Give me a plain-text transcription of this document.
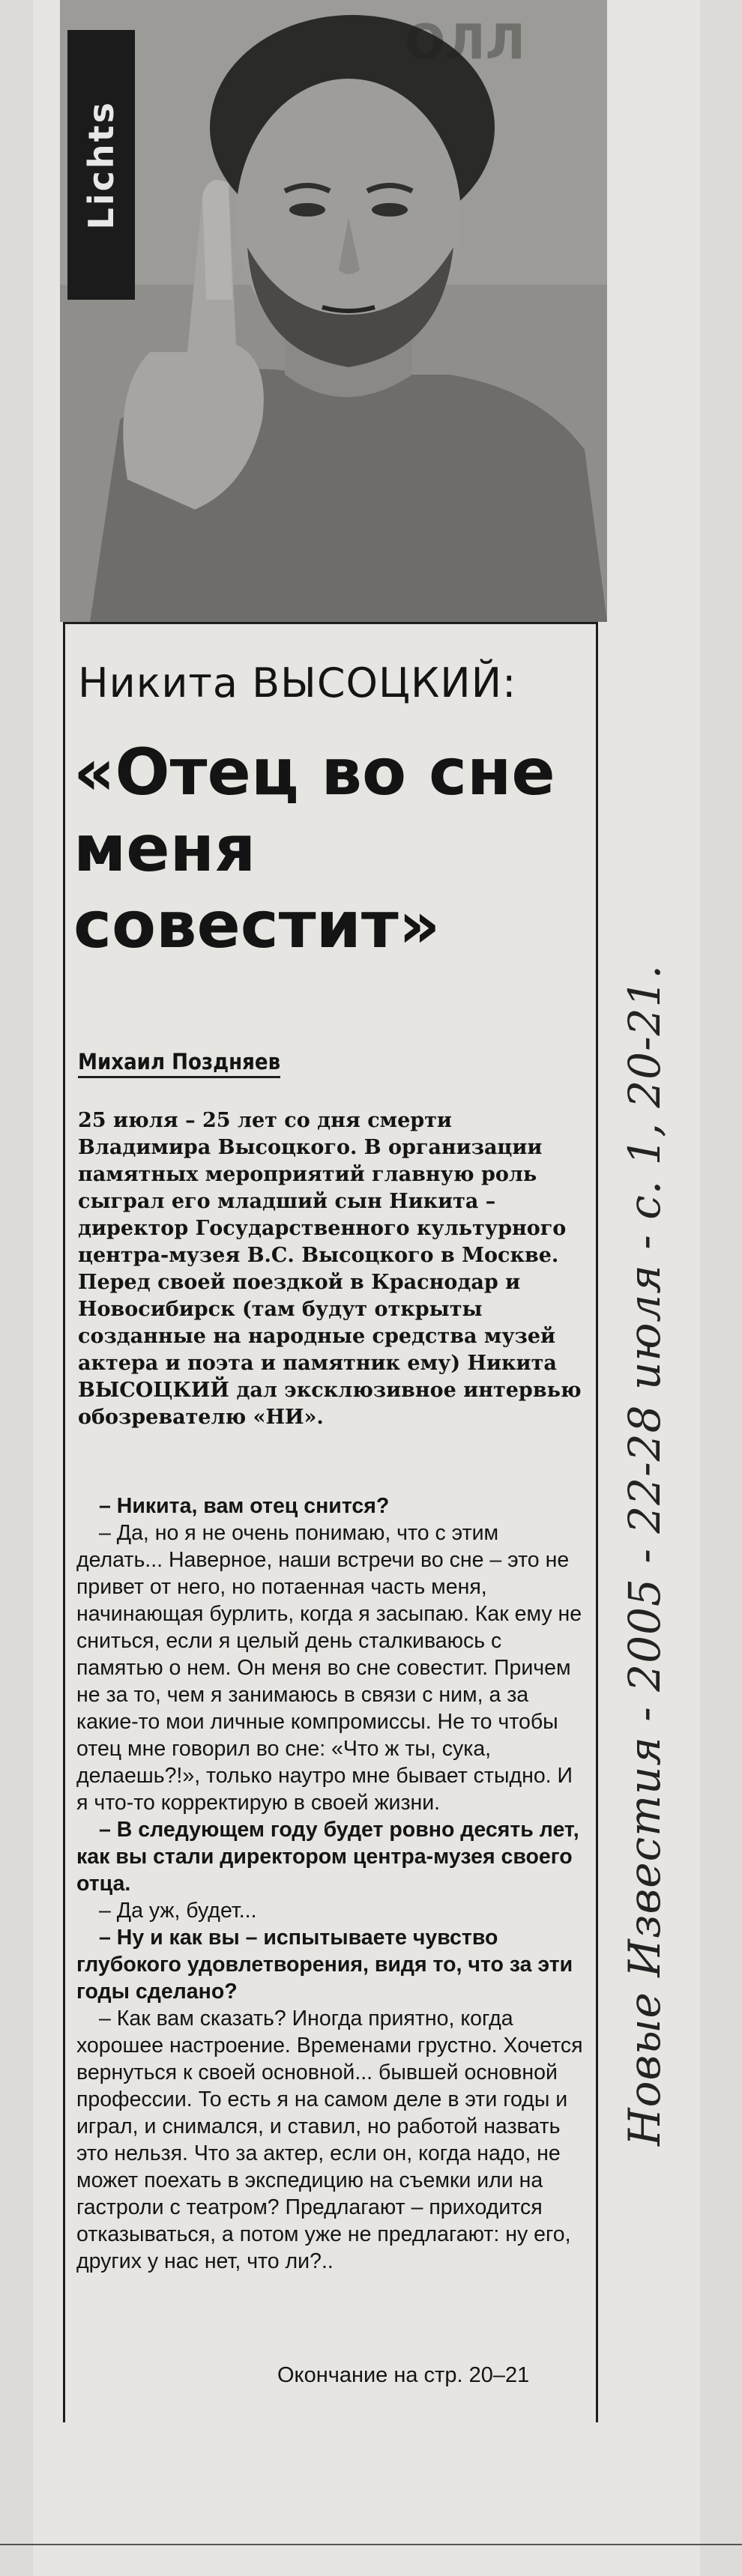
Lichts
ОЛЛ
Никита ВЫСОЦКИЙ:
«Отец во сне
меня
совестит»
Михаил Поздняев
25 июля – 25 лет со дня смерти Владимира Высоцкого. В организации памятных мероприятий главную роль сыграл его младший сын Никита – директор Государственного культурного центра-музея В.С. Высоцкого в Москве. Перед своей поездкой в Краснодар и Новосибирск (там будут открыты созданные на народные средства музей актера и поэта и памятник ему) Никита ВЫСОЦКИЙ дал эксклюзивное интервью обозревателю «НИ».

– Никита, вам отец снится?

– Да, но я не очень понимаю, что с этим делать... Наверное, наши встречи во сне – это не привет от него, но потаенная часть меня, начинающая бурлить, когда я засыпаю. Как ему не сниться, если я целый день сталкиваюсь с памятью о нем. Он меня во сне совестит. Причем не за то, чем я занимаюсь в связи с ним, а за какие-то мои личные компромиссы. Не то чтобы отец мне говорил во сне: «Что ж ты, сука, делаешь?!», только наутро мне бывает стыдно. И я что-то корректирую в своей жизни.

– В следующем году будет ровно десять лет, как вы стали директором центра-музея своего отца.

– Да уж, будет...

– Ну и как вы – испытываете чувство глубокого удовлетворения, видя то, что за эти годы сделано?

– Как вам сказать? Иногда приятно, когда хорошее настроение. Временами грустно. Хочется вернуться к своей основной... бывшей основной профессии. То есть я на самом деле в эти годы и играл, и снимался, и ставил, но работой назвать это нельзя. Что за актер, если он, когда надо, не может поехать в экспедицию на съемки или на гастроли с театром? Предлагают – приходится отказываться, а потом уже не предлагают: ну его, других у нас нет, что ли?..

Окончание на стр. 20–21
Новые Известия - 2005 - 22-28 июля - с. 1, 20-21.
